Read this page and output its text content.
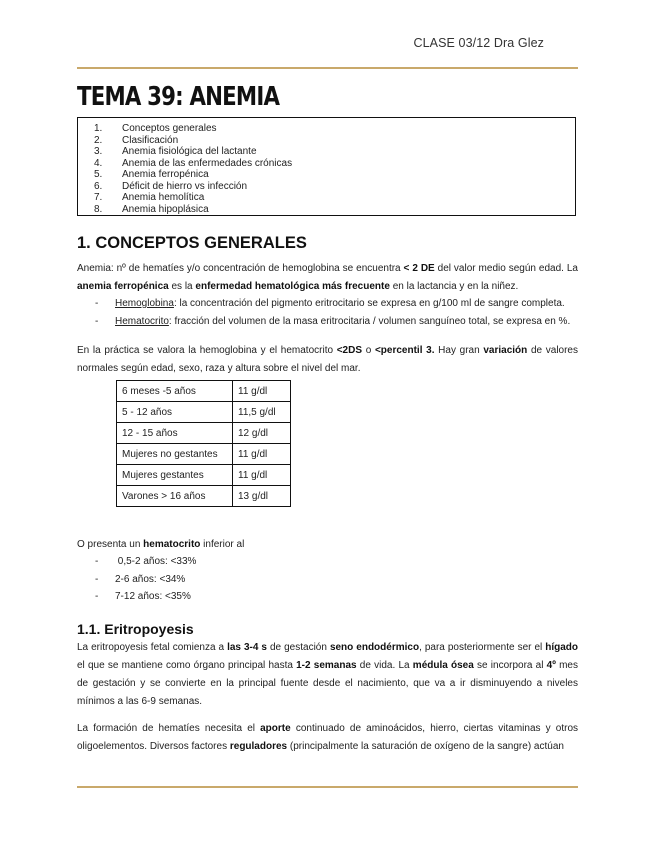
CLASE 03/12 Dra Glez
TEMA 39: ANEMIA
1.	Conceptos generales
2.	Clasificación
3.	Anemia fisiológica del lactante
4.	Anemia de las enfermedades crónicas
5.	Anemia ferropénica
6.	Déficit de hierro vs infección
7.	Anemia hemolítica
8.	Anemia hipoplásica
1. CONCEPTOS GENERALES

Anemia: nº de hematíes y/o concentración de hemoglobina se encuentra < 2 DE del valor medio según edad. La anemia ferropénica es la enfermedad hematológica más frecuente en la lactancia y en la niñez.

-	Hemoglobina: la concentración del pigmento eritrocitario se expresa en g/100 ml de sangre completa.
-	Hematocrito: fracción del volumen de la masa eritrocitaria / volumen sanguíneo total, se expresa en %.

En la práctica se valora la hemoglobina y el hematocrito <2DS o <percentil 3. Hay gran variación de valores normales según edad, sexo, raza y altura sobre el nivel del mar.

6 meses -5 años	11 g/dl
5 - 12 años	11,5 g/dl
12 - 15 años	12 g/dl
Mujeres no gestantes	11 g/dl
Mujeres gestantes	11 g/dl
Varones > 16 años	13 g/dl

O presenta un hematocrito inferior al

-	0,5-2 años: <33%
-	2-6 años: <34%
-	7-12 años: <35%
1.1. Eritropoyesis

La eritropoyesis fetal comienza a las 3-4 s de gestación seno endodérmico, para posteriormente ser el hígado el que se mantiene como órgano principal hasta 1-2 semanas de vida. La médula ósea se incorpora al 4º mes de gestación y se convierte en la principal fuente desde el nacimiento, que va a ir disminuyendo a niveles mínimos a las 6-9 semanas.

La formación de hematíes necesita el aporte continuado de aminoácidos, hierro, ciertas vitaminas y otros oligoelementos. Diversos factores reguladores (principalmente la saturación de oxígeno de la sangre) actúan
